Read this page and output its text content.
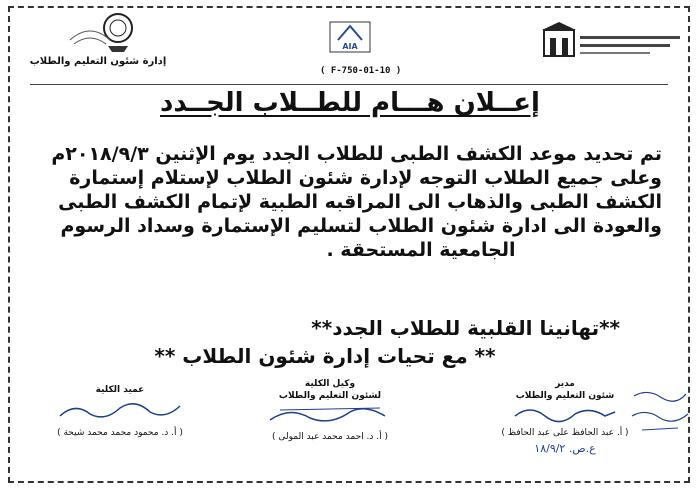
إدارة شئون التعليم والطلاب
AIA
( F-750-01-10 )
إعــلان هـــام للطــلاب الجــدد

تم تحديد موعد الكشف الطبى للطلاب الجدد يوم الإثنين ٢٠١٨/٩/٣م

وعلى جميع الطلاب التوجه لإدارة شئون الطلاب لإستلام إستمارة

الكشف الطبى والذهاب الى المراقبه الطبية لإتمام الكشف الطبى

والعودة الى ادارة شئون الطلاب لتسليم الإستمارة وسداد الرسوم

الجامعية المستحقة .

**تهانينا القلبية للطلاب الجدد**
** مع تحيات إدارة شئون الطلاب **
مدير
شئون التعليم والطلاب
( أ. عبد الحافظ على عبد الحافظ )
ع.ص. ١٨/٩/٢
وكيل الكلية
لشئون التعليم والطلاب
( أ. د. احمد محمد عبد المولى )
عميد الكلية
( أ. د. محمود محمد محمد شيحة )
